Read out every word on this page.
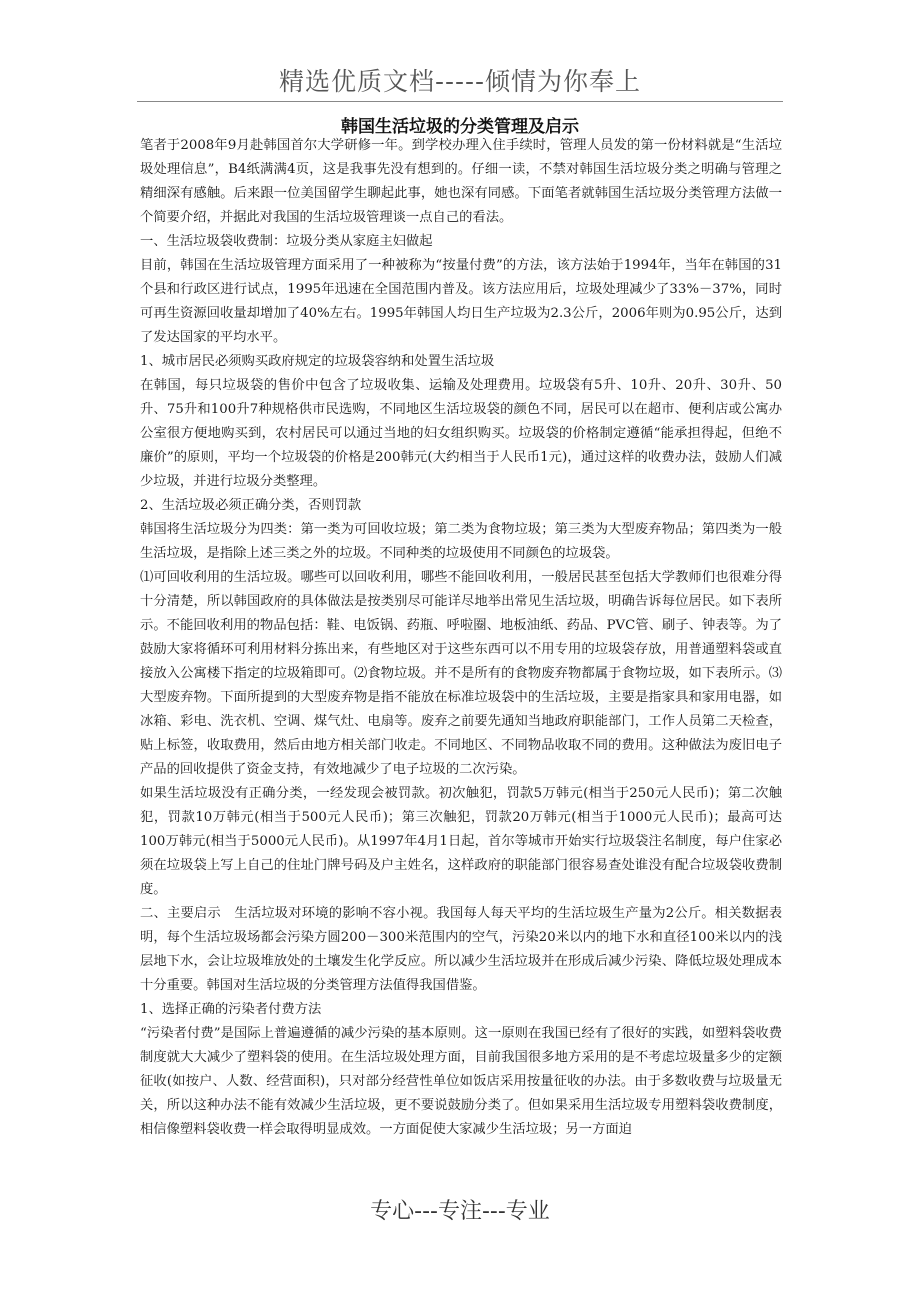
精选优质文档-----倾情为你奉上
韩国生活垃圾的分类管理及启示

笔者于2008年9月赴韩国首尔大学研修一年。到学校办理入住手续时，管理人员发的第一份材料就是“生活垃圾处理信息”，B4纸满满4页，这是我事先没有想到的。仔细一读，不禁对韩国生活垃圾分类之明确与管理之精细深有感触。后来跟一位美国留学生聊起此事，她也深有同感。下面笔者就韩国生活垃圾分类管理方法做一个简要介绍，并据此对我国的生活垃圾管理谈一点自己的看法。

一、生活垃圾袋收费制：垃圾分类从家庭主妇做起

目前，韩国在生活垃圾管理方面采用了一种被称为“按量付费”的方法，该方法始于1994年，当年在韩国的31个县和行政区进行试点，1995年迅速在全国范围内普及。该方法应用后，垃圾处理减少了33%－37%，同时可再生资源回收量却增加了40%左右。1995年韩国人均日生产垃圾为2.3公斤，2006年则为0.95公斤，达到了发达国家的平均水平。

1、城市居民必须购买政府规定的垃圾袋容纳和处置生活垃圾

在韩国，每只垃圾袋的售价中包含了垃圾收集、运输及处理费用。垃圾袋有5升、10升、20升、30升、50升、75升和100升7种规格供市民选购，不同地区生活垃圾袋的颜色不同，居民可以在超市、便利店或公寓办公室很方便地购买到，农村居民可以通过当地的妇女组织购买。垃圾袋的价格制定遵循“能承担得起，但绝不廉价”的原则，平均一个垃圾袋的价格是200韩元(大约相当于人民币1元)，通过这样的收费办法，鼓励人们减少垃圾，并进行垃圾分类整理。

2、生活垃圾必须正确分类，否则罚款

韩国将生活垃圾分为四类：第一类为可回收垃圾；第二类为食物垃圾；第三类为大型废弃物品；第四类为一般生活垃圾，是指除上述三类之外的垃圾。不同种类的垃圾使用不同颜色的垃圾袋。

⑴可回收利用的生活垃圾。哪些可以回收利用，哪些不能回收利用，一般居民甚至包括大学教师们也很难分得十分清楚，所以韩国政府的具体做法是按类别尽可能详尽地举出常见生活垃圾，明确告诉每位居民。如下表所示。不能回收利用的物品包括：鞋、电饭锅、药瓶、呼啦圈、地板油纸、药品、PVC管、刷子、钟表等。为了鼓励大家将循环可利用材料分拣出来，有些地区对于这些东西可以不用专用的垃圾袋存放，用普通塑料袋或直接放入公寓楼下指定的垃圾箱即可。⑵食物垃圾。并不是所有的食物废弃物都属于食物垃圾，如下表所示。⑶大型废弃物。下面所提到的大型废弃物是指不能放在标准垃圾袋中的生活垃圾，主要是指家具和家用电器，如冰箱、彩电、洗衣机、空调、煤气灶、电扇等。废弃之前要先通知当地政府职能部门，工作人员第二天检查，贴上标签，收取费用，然后由地方相关部门收走。不同地区、不同物品收取不同的费用。这种做法为废旧电子产品的回收提供了资金支持，有效地减少了电子垃圾的二次污染。

如果生活垃圾没有正确分类，一经发现会被罚款。初次触犯，罚款5万韩元(相当于250元人民币)；第二次触犯，罚款10万韩元(相当于500元人民币)；第三次触犯，罚款20万韩元(相当于1000元人民币)；最高可达100万韩元(相当于5000元人民币)。从1997年4月1日起，首尔等城市开始实行垃圾袋注名制度，每户住家必须在垃圾袋上写上自己的住址门牌号码及户主姓名，这样政府的职能部门很容易查处谁没有配合垃圾袋收费制度。

二、主要启示　生活垃圾对环境的影响不容小视。我国每人每天平均的生活垃圾生产量为2公斤。相关数据表明，每个生活垃圾场都会污染方圆200－300米范围内的空气，污染20米以内的地下水和直径100米以内的浅层地下水，会让垃圾堆放处的土壤发生化学反应。所以减少生活垃圾并在形成后减少污染、降低垃圾处理成本十分重要。韩国对生活垃圾的分类管理方法值得我国借鉴。

1、选择正确的污染者付费方法

“污染者付费”是国际上普遍遵循的减少污染的基本原则。这一原则在我国已经有了很好的实践，如塑料袋收费制度就大大减少了塑料袋的使用。在生活垃圾处理方面，目前我国很多地方采用的是不考虑垃圾量多少的定额征收(如按户、人数、经营面积)，只对部分经营性单位如饭店采用按量征收的办法。由于多数收费与垃圾量无关，所以这种办法不能有效减少生活垃圾，更不要说鼓励分类了。但如果采用生活垃圾专用塑料袋收费制度，相信像塑料袋收费一样会取得明显成效。一方面促使大家减少生活垃圾；另一方面迫

专心---专注---专业
